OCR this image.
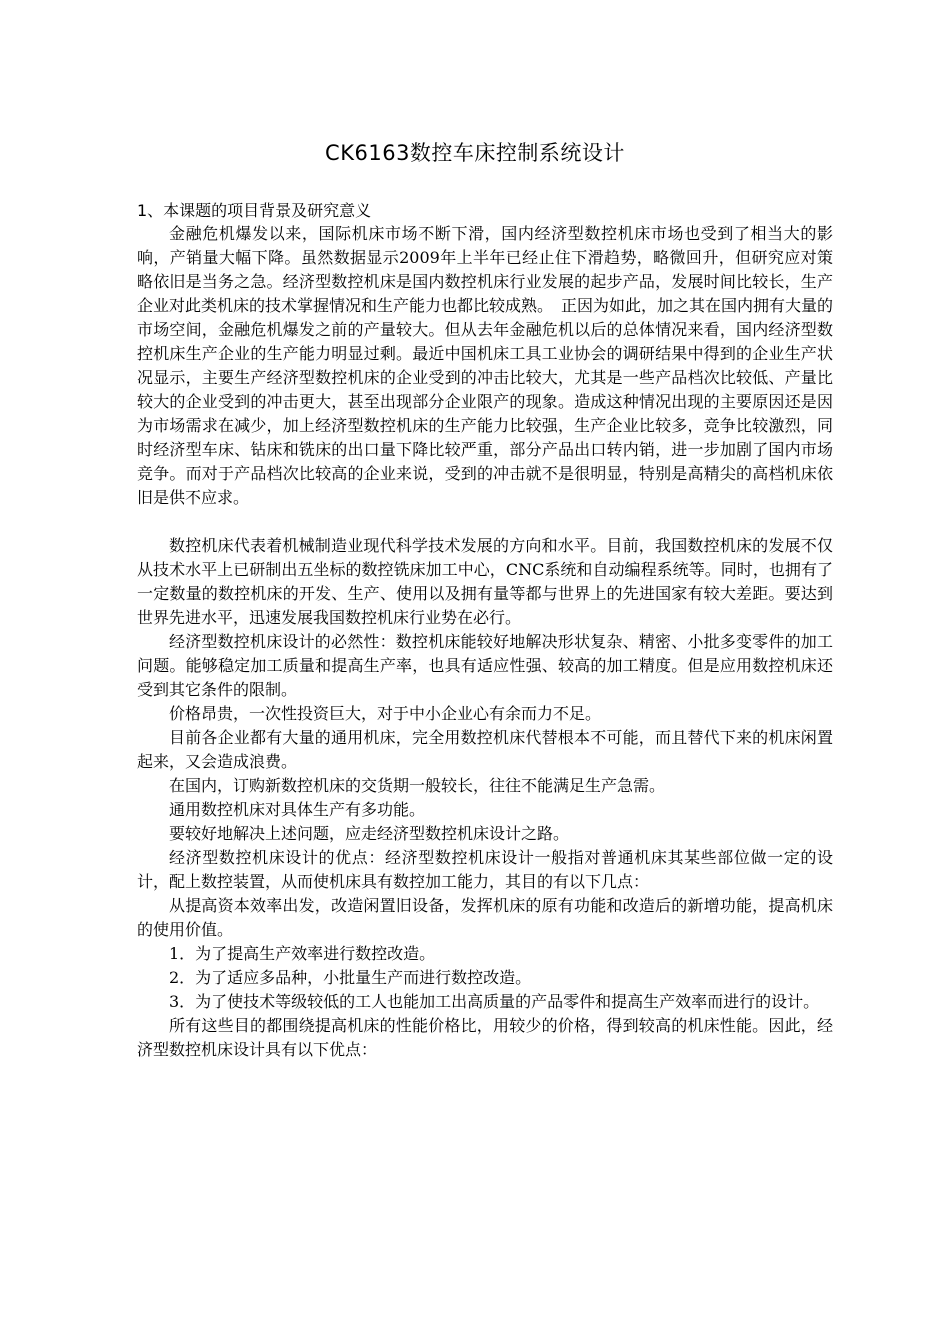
CK6163数控车床控制系统设计
1、本课题的项目背景及研究意义

金融危机爆发以来，国际机床市场不断下滑，国内经济型数控机床市场也受到了相当大的影响，产销量大幅下降。虽然数据显示2009年上半年已经止住下滑趋势，略微回升，但研究应对策略依旧是当务之急。经济型数控机床是国内数控机床行业发展的起步产品，发展时间比较长，生产企业对此类机床的技术掌握情况和生产能力也都比较成熟。　正因为如此，加之其在国内拥有大量的市场空间，金融危机爆发之前的产量较大。但从去年金融危机以后的总体情况来看，国内经济型数控机床生产企业的生产能力明显过剩。最近中国机床工具工业协会的调研结果中得到的企业生产状况显示，主要生产经济型数控机床的企业受到的冲击比较大，尤其是一些产品档次比较低、产量比较大的企业受到的冲击更大，甚至出现部分企业限产的现象。造成这种情况出现的主要原因还是因为市场需求在减少，加上经济型数控机床的生产能力比较强，生产企业比较多，竞争比较激烈，同时经济型车床、钻床和铣床的出口量下降比较严重，部分产品出口转内销，进一步加剧了国内市场竞争。而对于产品档次比较高的企业来说，受到的冲击就不是很明显，特别是高精尖的高档机床依旧是供不应求。

数控机床代表着机械制造业现代科学技术发展的方向和水平。目前，我国数控机床的发展不仅从技术水平上已研制出五坐标的数控铣床加工中心，CNC系统和自动编程系统等。同时，也拥有了一定数量的数控机床的开发、生产、使用以及拥有量等都与世界上的先进国家有较大差距。要达到世界先进水平，迅速发展我国数控机床行业势在必行。

经济型数控机床设计的必然性：数控机床能较好地解决形状复杂、精密、小批多变零件的加工问题。能够稳定加工质量和提高生产率，也具有适应性强、较高的加工精度。但是应用数控机床还受到其它条件的限制。

价格昂贵，一次性投资巨大，对于中小企业心有余而力不足。

目前各企业都有大量的通用机床，完全用数控机床代替根本不可能，而且替代下来的机床闲置起来，又会造成浪费。

在国内，订购新数控机床的交货期一般较长，往往不能满足生产急需。

通用数控机床对具体生产有多功能。

要较好地解决上述问题，应走经济型数控机床设计之路。

经济型数控机床设计的优点：经济型数控机床设计一般指对普通机床其某些部位做一定的设计，配上数控装置，从而使机床具有数控加工能力，其目的有以下几点：

从提高资本效率出发，改造闲置旧设备，发挥机床的原有功能和改造后的新增功能，提高机床的使用价值。

1．为了提高生产效率进行数控改造。

2．为了适应多品种，小批量生产而进行数控改造。

3．为了使技术等级较低的工人也能加工出高质量的产品零件和提高生产效率而进行的设计。

所有这些目的都围绕提高机床的性能价格比，用较少的价格，得到较高的机床性能。因此，经济型数控机床设计具有以下优点：
